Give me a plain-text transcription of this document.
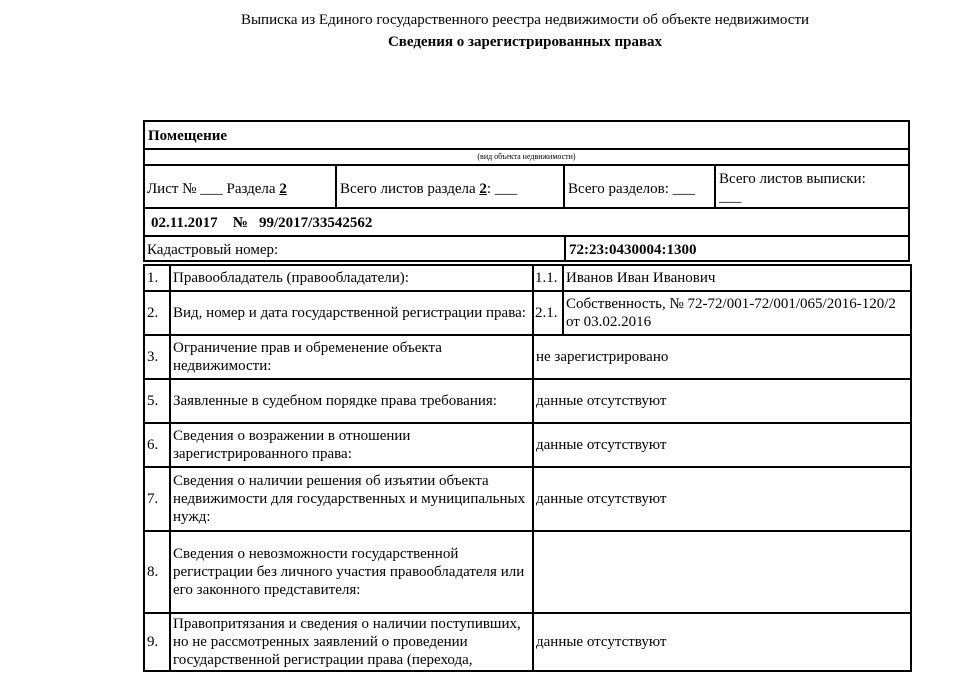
Выписка из Единого государственного реестра недвижимости об объекте недвижимости
Сведения о зарегистрированных правах
Помещение
(вид объекта недвижимости)
Лист № ___ Раздела 2	Всего листов раздела 2: ___	Всего разделов: ___
Всего листов выписки:
___
02.11.2017 № 99/2017/33542562
Кадастровый номер:	72:23:0430004:1300
1.	Правообладатель (правообладатели):	1.1.	Иванов Иван Иванович
2.	Вид, номер и дата государственной регистрации права:	2.1.	Собственность, № 72-72/001-72/001/065/2016-120/2 от 03.02.2016
3.	Ограничение прав и обременение объекта недвижимости:	не зарегистрировано	
5.	Заявленные в судебном порядке права требования:	данные отсутствуют	
6.	Сведения о возражении в отношении зарегистрированного права:	данные отсутствуют	
7.	Сведения о наличии решения об изъятии объекта недвижимости для государственных и муниципальных нужд:	данные отсутствуют	
8.	Сведения о невозможности государственной регистрации без личного участия правообладателя или его законного представителя:		
9.	Правопритязания и сведения о наличии поступивших, но не рассмотренных заявлений о проведении государственной регистрации права (перехода,	данные отсутствуют	
